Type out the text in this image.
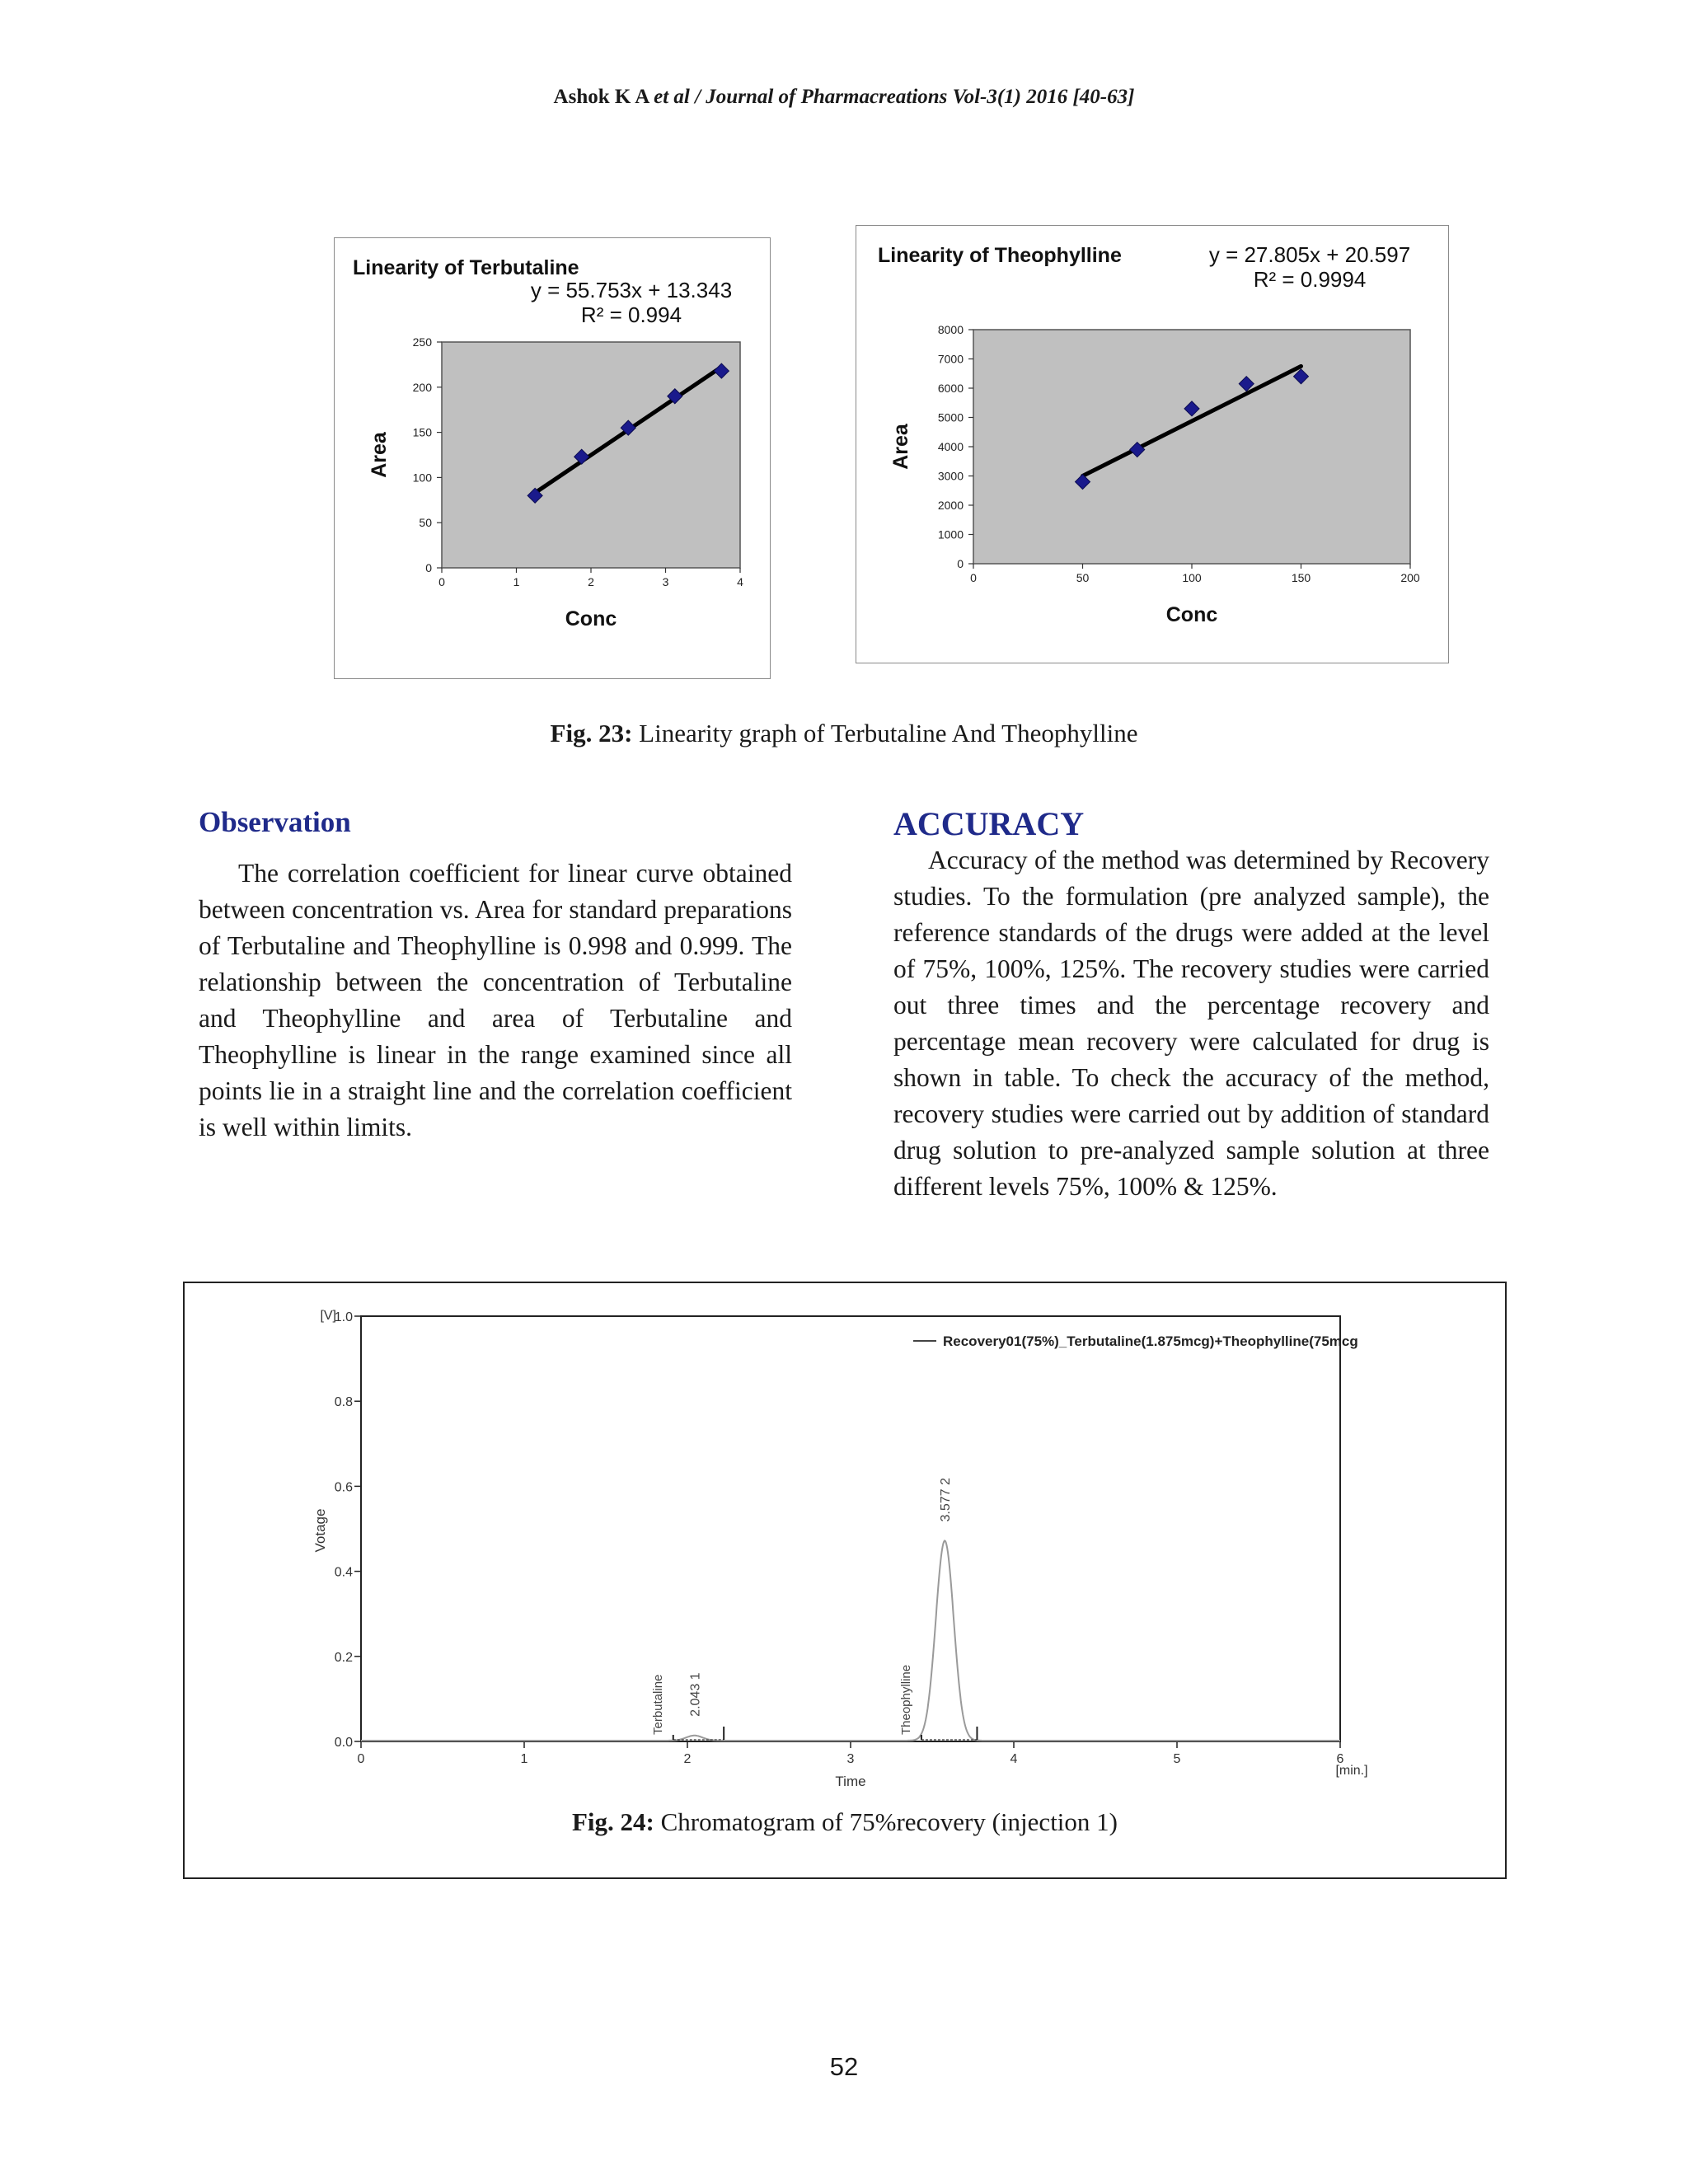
Ashok K A et al / Journal of Pharmacreations Vol-3(1) 2016 [40-63]
Linearity of Terbutaline
y = 55.753x + 13.343
R² = 0.994
0
50
100
150
200
250
0	1	2	3	4
Conc
Area
Linearity of Theophylline	y = 27.805x + 20.597
R² = 0.9994
0
1000
2000
3000
4000
5000
6000
7000
8000
0	50	100	150	200
Conc
Area
Fig. 23: Linearity graph of Terbutaline And Theophylline
Observation
The correlation coefficient for linear curve obtained between concentration vs. Area for standard preparations of Terbutaline and Theophylline is 0.998 and 0.999. The relationship between the concentration of Terbutaline and Theophylline and area of Terbutaline and Theophylline is linear in the range examined since all points lie in a straight line and the correlation coefficient is well within limits.
ACCURACY
Accuracy of the method was determined by Recovery studies. To the formulation (pre analyzed sample), the reference standards of the drugs were added at the level of 75%, 100%, 125%. The recovery studies were carried out three times and the percentage recovery and percentage mean recovery were calculated for drug is shown in table. To check the accuracy of the method, recovery studies were carried out by addition of standard drug solution to pre-analyzed sample solution at three different levels 75%, 100% & 125%.
Recovery01(75%)_Terbutaline(1.875mcg)+Theophylline(75mcg
0.0
0.2
0.4
0.6
0.8
1.0
[V]
Votage
0	1	2	3	4	5	6
[min.]
Time
Terbutaline 2.043 1	Theophylline
3.577 2
Fig. 24: Chromatogram of 75%recovery (injection 1)
52
